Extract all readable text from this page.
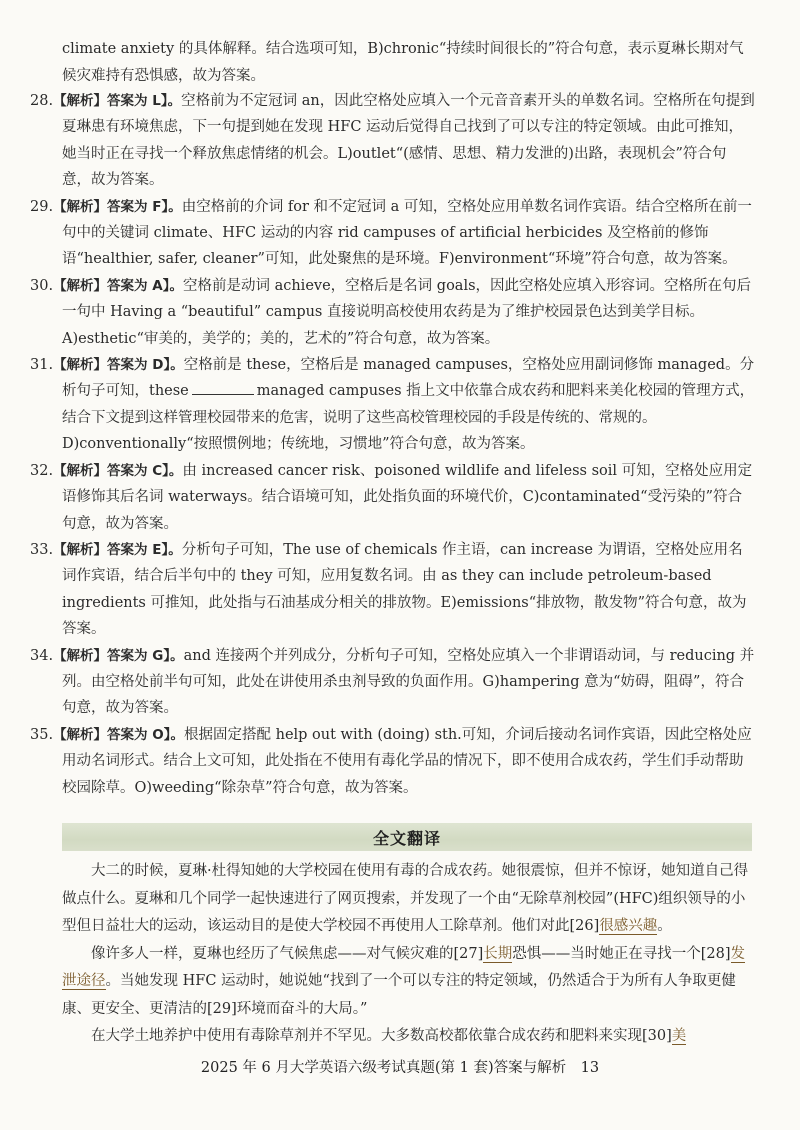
climate anxiety 的具体解释。结合选项可知，B)chronic“持续时间很长的”符合句意，表示夏琳长期对气候灾难持有恐惧感，故为答案。

28.【解析】答案为 L】。空格前为不定冠词 an，因此空格处应填入一个元音音素开头的单数名词。空格所在句提到夏琳患有环境焦虑，下一句提到她在发现 HFC 运动后觉得自己找到了可以专注的特定领域。由此可推知，她当时正在寻找一个释放焦虑情绪的机会。L)outlet“(感情、思想、精力发泄的)出路，表现机会”符合句意，故为答案。

29.【解析】答案为 F】。由空格前的介词 for 和不定冠词 a 可知，空格处应用单数名词作宾语。结合空格所在前一句中的关键词 climate、HFC 运动的内容 rid campuses of artificial herbicides 及空格前的修饰语“healthier, safer, cleaner”可知，此处聚焦的是环境。F)environment“环境”符合句意，故为答案。

30.【解析】答案为 A】。空格前是动词 achieve，空格后是名词 goals，因此空格处应填入形容词。空格所在句后一句中 Having a “beautiful” campus 直接说明高校使用农药是为了维护校园景色达到美学目标。A)esthetic“审美的，美学的；美的，艺术的”符合句意，故为答案。

31.【解析】答案为 D】。空格前是 these，空格后是 managed campuses，空格处应用副词修饰 managed。分析句子可知，these	managed campuses 指上文中依靠合成农药和肥料来美化校园的管理方式，结合下文提到这样管理校园带来的危害，说明了这些高校管理校园的手段是传统的、常规的。D)conventionally“按照惯例地；传统地，习惯地”符合句意，故为答案。

32.【解析】答案为 C】。由 increased cancer risk、poisoned wildlife and lifeless soil 可知，空格处应用定语修饰其后名词 waterways。结合语境可知，此处指负面的环境代价，C)contaminated“受污染的”符合句意，故为答案。

33.【解析】答案为 E】。分析句子可知，The use of chemicals 作主语，can increase 为谓语，空格处应用名词作宾语，结合后半句中的 they 可知，应用复数名词。由 as they can include petroleum-based ingredients 可推知，此处指与石油基成分相关的排放物。E)emissions“排放物，散发物”符合句意，故为答案。

34.【解析】答案为 G】。and 连接两个并列成分，分析句子可知，空格处应填入一个非谓语动词，与 reducing 并列。由空格处前半句可知，此处在讲使用杀虫剂导致的负面作用。G)hampering 意为“妨碍，阻碍”，符合句意，故为答案。

35.【解析】答案为 O】。根据固定搭配 help out with (doing) sth.可知，介词后接动名词作宾语，因此空格处应用动名词形式。结合上文可知，此处指在不使用有毒化学品的情况下，即不使用合成农药，学生们手动帮助校园除草。O)weeding“除杂草”符合句意，故为答案。

全文翻译

大二的时候，夏琳·杜得知她的大学校园在使用有毒的合成农药。她很震惊，但并不惊讶，她知道自己得做点什么。夏琳和几个同学一起快速进行了网页搜索，并发现了一个由“无除草剂校园”(HFC)组织领导的小型但日益壮大的运动，该运动目的是使大学校园不再使用人工除草剂。他们对此[26]很感兴趣。

像许多人一样，夏琳也经历了气候焦虑——对气候灾难的[27]长期恐惧——当时她正在寻找一个[28]发泄途径。当她发现 HFC 运动时，她说她“找到了一个可以专注的特定领域，仍然适合于为所有人争取更健康、更安全、更清洁的[29]环境而奋斗的大局。”

在大学土地养护中使用有毒除草剂并不罕见。大多数高校都依靠合成农药和肥料来实现[30]美

2025 年 6 月大学英语六级考试真题(第 1 套)答案与解析　13
